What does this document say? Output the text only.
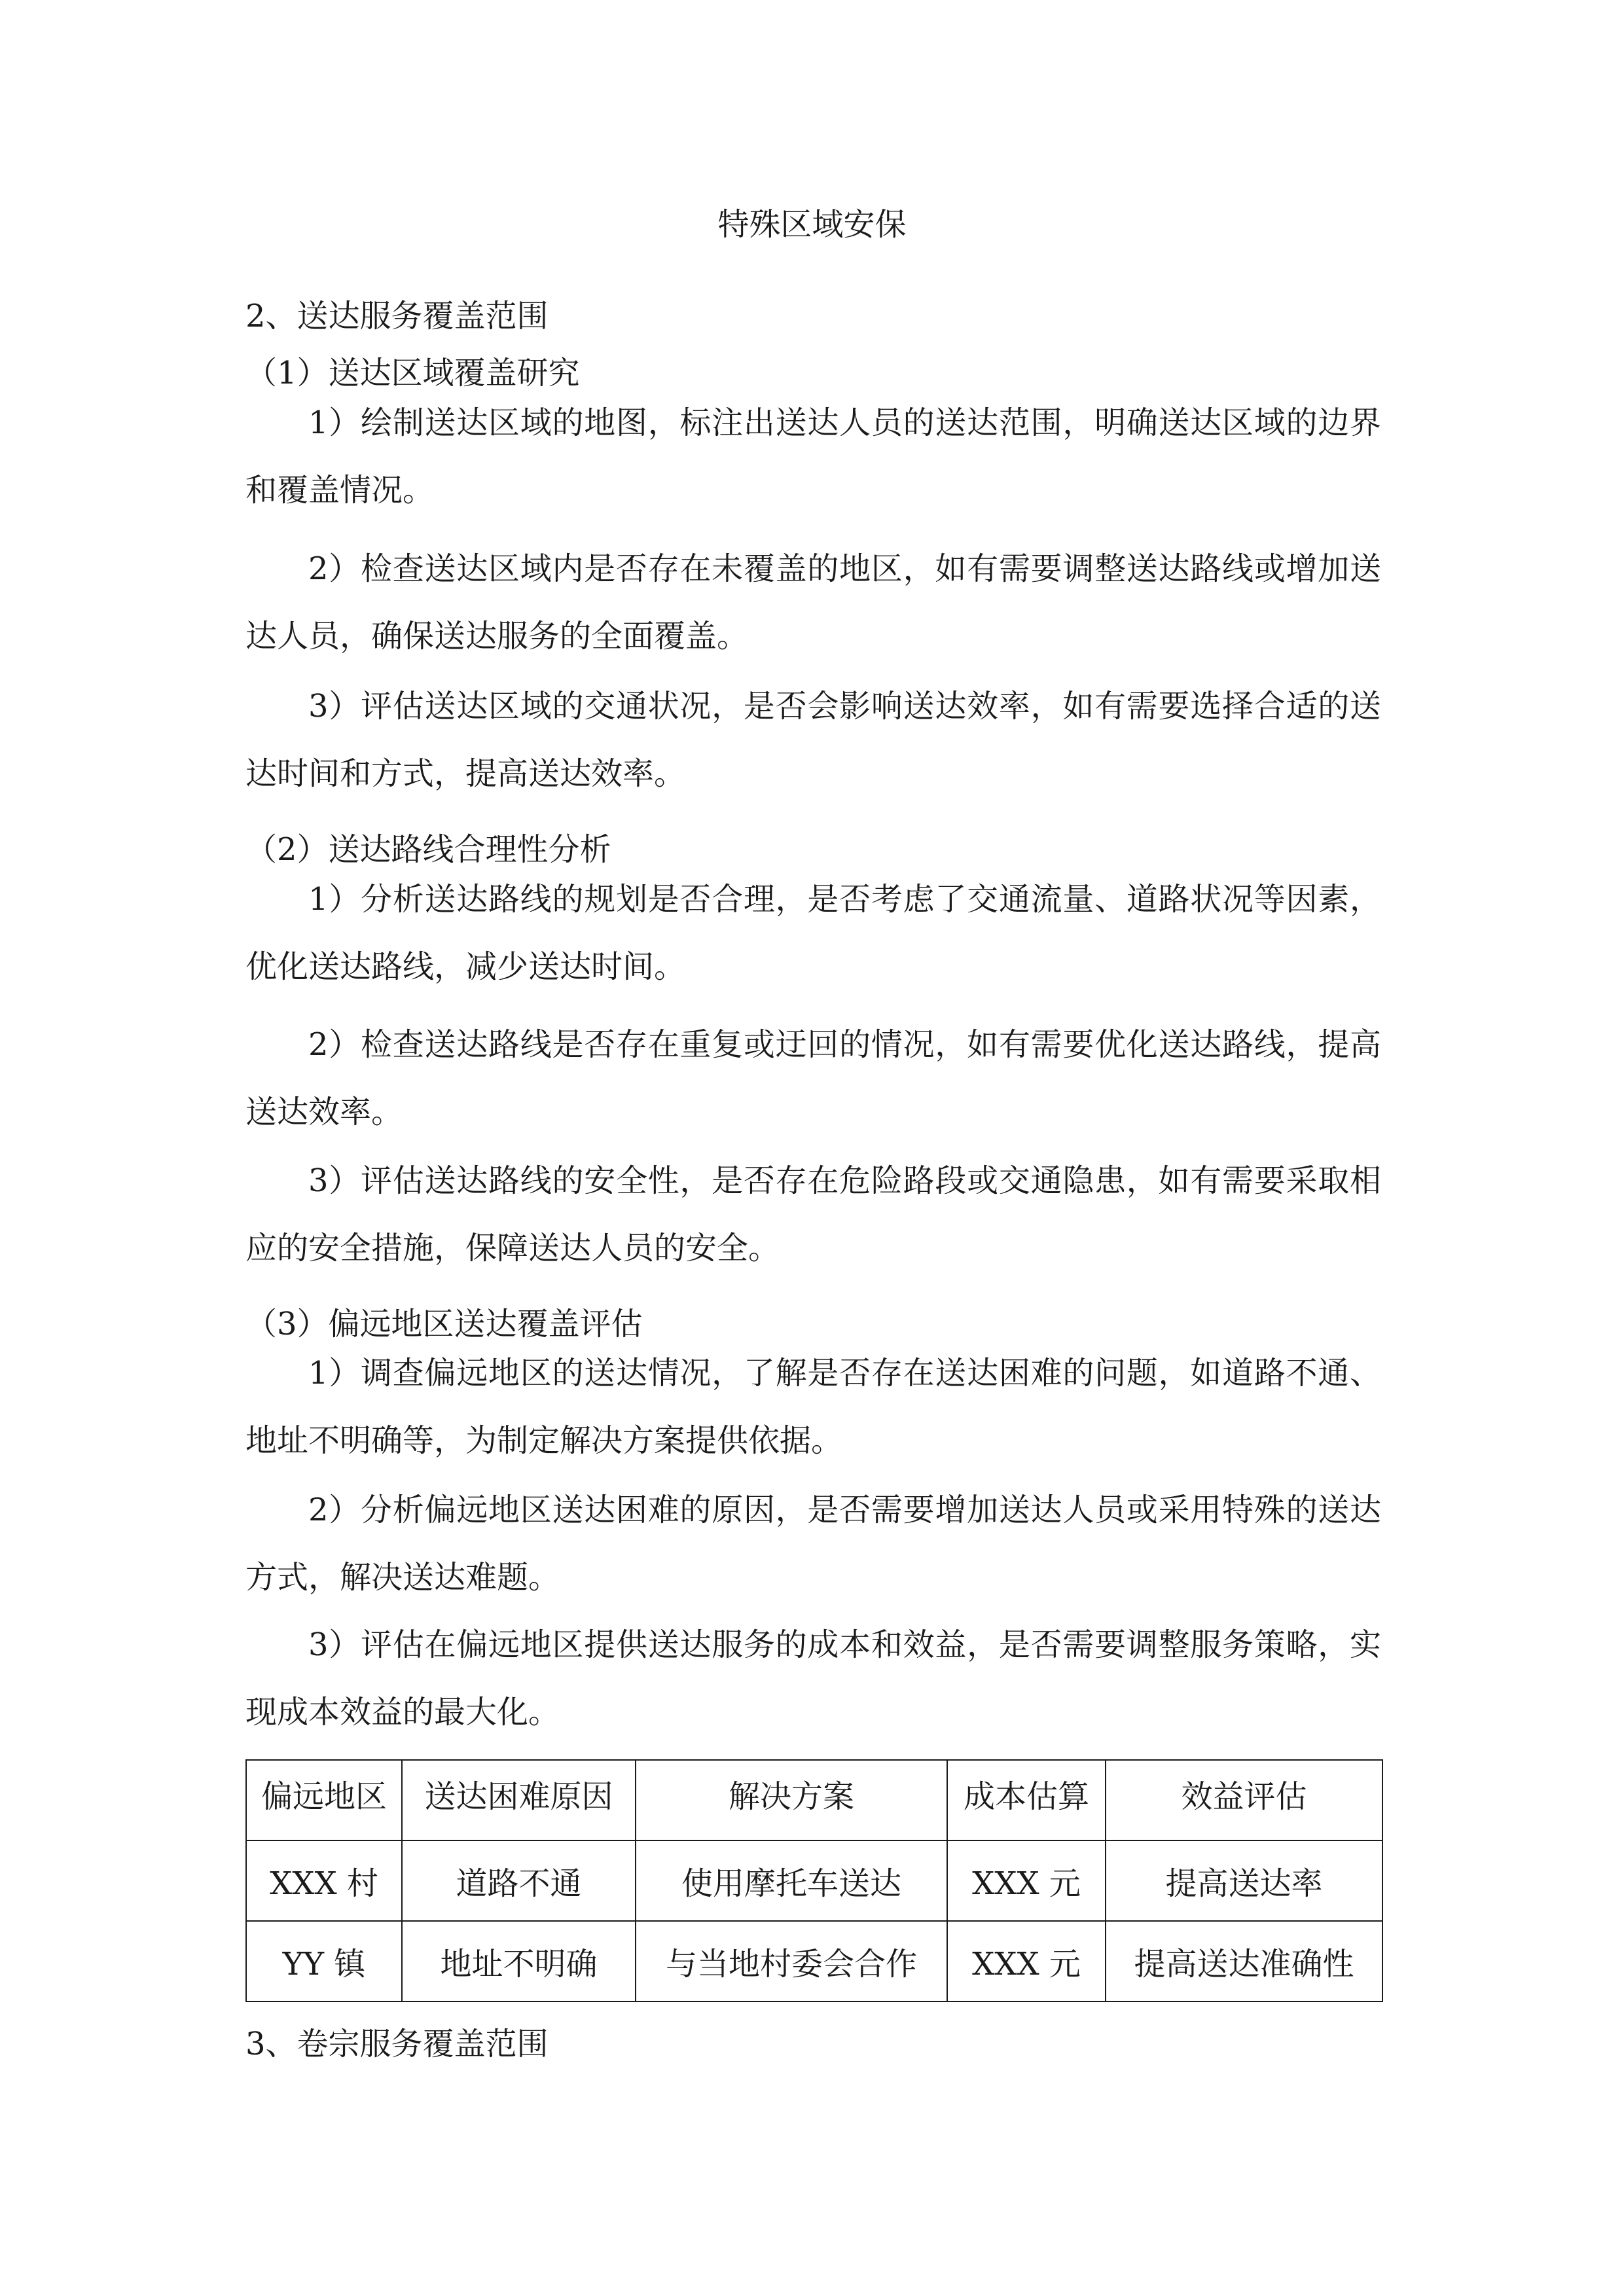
特殊区域安保
2、送达服务覆盖范围
（1）送达区域覆盖研究

1）绘制送达区域的地图，标注出送达人员的送达范围，明确送达区域的边界和覆盖情况。

2）检查送达区域内是否存在未覆盖的地区，如有需要调整送达路线或增加送达人员，确保送达服务的全面覆盖。

3）评估送达区域的交通状况，是否会影响送达效率，如有需要选择合适的送达时间和方式，提高送达效率。

（2）送达路线合理性分析

1）分析送达路线的规划是否合理，是否考虑了交通流量、道路状况等因素，优化送达路线，减少送达时间。

2）检查送达路线是否存在重复或迂回的情况，如有需要优化送达路线，提高送达效率。

3）评估送达路线的安全性，是否存在危险路段或交通隐患，如有需要采取相应的安全措施，保障送达人员的安全。

（3）偏远地区送达覆盖评估

1）调查偏远地区的送达情况，了解是否存在送达困难的问题，如道路不通、地址不明确等，为制定解决方案提供依据。

2）分析偏远地区送达困难的原因，是否需要增加送达人员或采用特殊的送达方式，解决送达难题。

3）评估在偏远地区提供送达服务的成本和效益，是否需要调整服务策略，实现成本效益的最大化。

偏远地区	送达困难原因	解决方案	成本估算	效益评估
XXX 村	道路不通	使用摩托车送达	XXX 元	提高送达率
YY 镇	地址不明确	与当地村委会合作	XXX 元	提高送达准确性
3、卷宗服务覆盖范围
